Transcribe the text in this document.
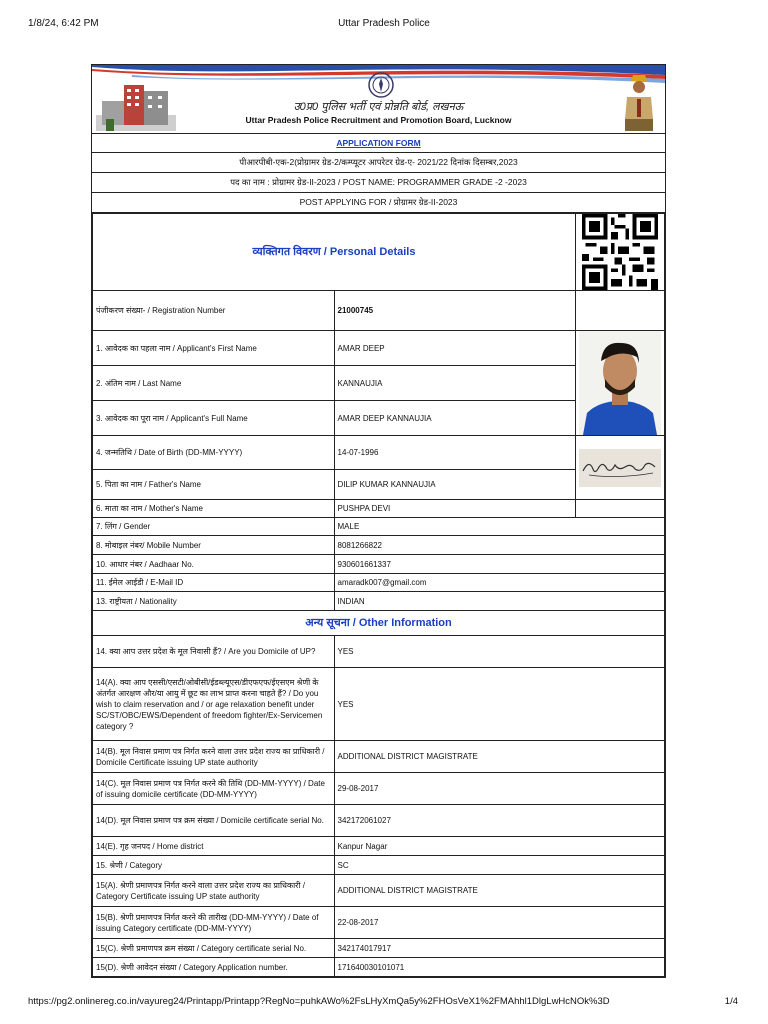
1/8/24, 6:42 PM	Uttar Pradesh Police
उ0प्र0 पुलिस भर्ती एवं प्रोन्नति बोर्ड, लखनऊ
Uttar Pradesh Police Recruitment and Promotion Board, Lucknow
APPLICATION FORM
पीआरपीबी-एक-2(प्रोग्रामर ग्रेड-2/कम्प्यूटर आपरेटर ग्रेड-ए- 2021/22 दिनांक दिसम्बर,2023
पद का नाम : प्रोग्रामर ग्रेड-II-2023 / POST NAME: PROGRAMMER GRADE -2 -2023
POST APPLYING FOR / प्रोग्रामर ग्रेड-II-2023
व्यक्तिगत विवरण / Personal Details	

पंजीकरण संख्या- / Registration Number	21000745	
1. आवेदक का पहला नाम / Applicant's First Name	AMAR DEEP	

2. अंतिम नाम / Last Name	KANNAUJIA	
3. आवेदक का पूरा नाम / Applicant's Full Name	AMAR DEEP KANNAUJIA	
4. जन्मतिथि / Date of Birth (DD-MM-YYYY)	14-07-1996	

5. पिता का नाम / Father's Name	DILIP KUMAR KANNAUJIA	
6. माता का नाम / Mother's Name	PUSHPA DEVI	
7. लिंग / Gender	MALE	
8. मोबाइल नंबर/ Mobile Number	8081266822	
10. आधार नंबर / Aadhaar No.	930601661337	
11. ईमेल आईडी / E-Mail ID	amaradk007@gmail.com	
13. राष्ट्रीयता / Nationality	INDIAN	
अन्य सूचना / Other Information		
14. क्या आप उत्तर प्रदेश के मूल निवासी हैं? / Are you Domicile of UP?	YES	
14(A). क्या आप एससी/एसटी/ओबीसी/ईडब्ल्यूएस/डीएफएफ/ईएसएम श्रेणी के अंतर्गत आरक्षण और/या आयु में छूट का लाभ प्राप्त करना चाहते हैं? / Do you wish to claim reservation and / or age relaxation benefit under SC/ST/OBC/EWS/Dependent of freedom fighter/Ex-Servicemen category ?	YES	
14(B). मूल निवास प्रमाण पत्र निर्गत करने वाला उत्तर प्रदेश राज्य का प्राधिकारी / Domicile Certificate issuing UP state authority	ADDITIONAL DISTRICT MAGISTRATE	
14(C). मूल निवास प्रमाण पत्र निर्गत करने की तिथि (DD-MM-YYYY) / Date of issuing domicile certificate (DD-MM-YYYY)	29-08-2017	
14(D). मूल निवास प्रमाण पत्र क्रम संख्या / Domicile certificate serial No.	342172061027	
14(E). गृह जनपद / Home district	Kanpur Nagar	
15. श्रेणी / Category	SC	
15(A). श्रेणी प्रमाणपत्र निर्गत करने वाला उत्तर प्रदेश राज्य का प्राधिकारी / Category Certificate issuing UP state authority	ADDITIONAL DISTRICT MAGISTRATE	
15(B). श्रेणी प्रमाणपत्र निर्गत करने की तारीख (DD-MM-YYYY) / Date of issuing Category certificate (DD-MM-YYYY)	22-08-2017	
15(C). श्रेणी प्रमाणपत्र क्रम संख्या / Category certificate serial No.	342174017917	
15(D). श्रेणी आवेदन संख्या / Category Application number.	171640030101071	
https://pg2.onlinereg.co.in/vayureg24/Printapp/Printapp?RegNo=puhkAWo%2FsLHyXmQa5y%2FHOsVeX1%2FMAhhl1DlgLwHcNOk%3D	1/4
